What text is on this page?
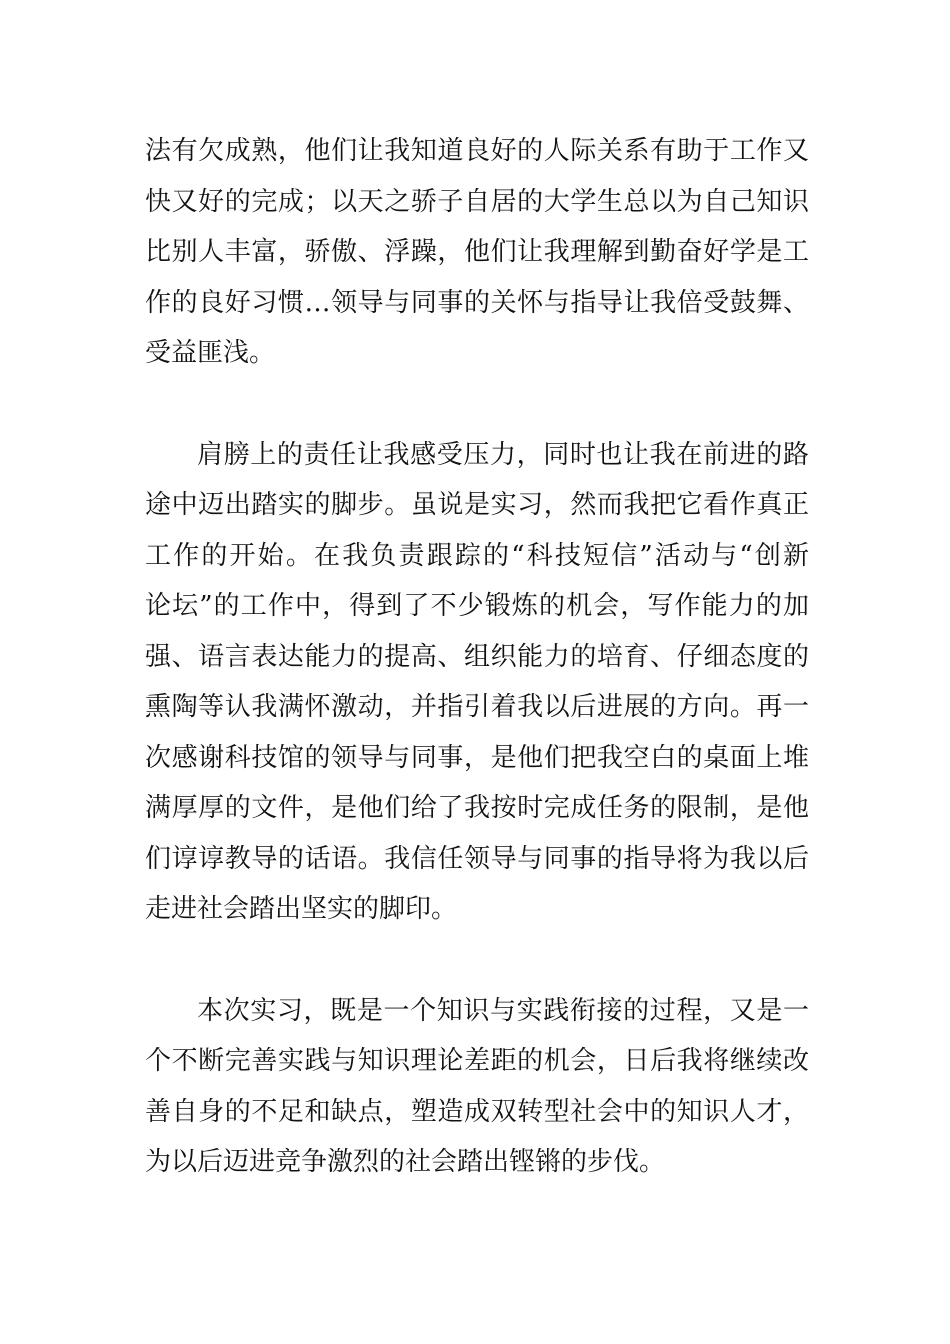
法有欠成熟，他们让我知道良好的人际关系有助于工作又
快又好的完成；以天之骄子自居的大学生总以为自己知识
比别人丰富，骄傲、浮躁，他们让我理解到勤奋好学是工
作的良好习惯…领导与同事的关怀与指导让我倍受鼓舞、
受益匪浅。
肩膀上的责任让我感受压力，同时也让我在前进的路
途中迈出踏实的脚步。虽说是实习，然而我把它看作真正
工作的开始。在我负责跟踪的“科技短信”活动与“创新
论坛”的工作中，得到了不少锻炼的机会，写作能力的加
强、语言表达能力的提高、组织能力的培育、仔细态度的
熏陶等认我满怀激动，并指引着我以后进展的方向。再一
次感谢科技馆的领导与同事，是他们把我空白的桌面上堆
满厚厚的文件，是他们给了我按时完成任务的限制，是他
们谆谆教导的话语。我信任领导与同事的指导将为我以后
走进社会踏出坚实的脚印。
本次实习，既是一个知识与实践衔接的过程，又是一
个不断完善实践与知识理论差距的机会，日后我将继续改
善自身的不足和缺点，塑造成双转型社会中的知识人才，
为以后迈进竞争激烈的社会踏出铿锵的步伐。
